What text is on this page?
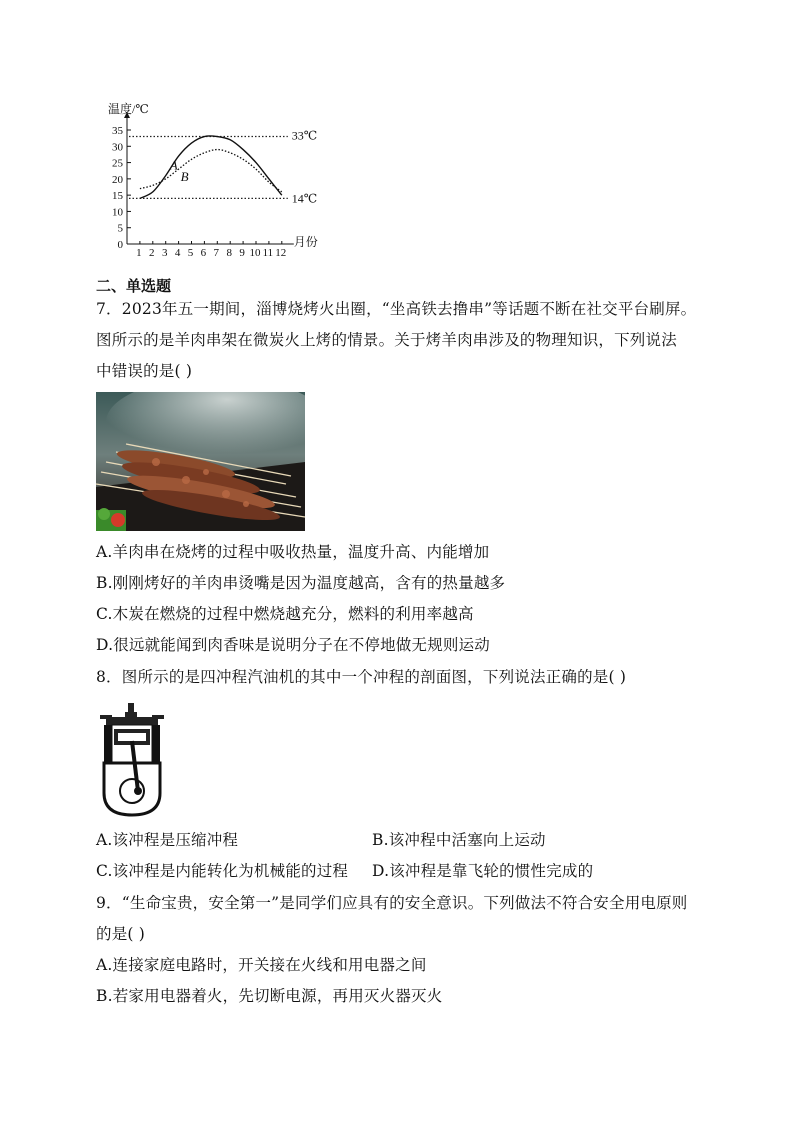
0
5
10
15
20
25
30
35
1 2 3 4 5 6 7 8 9 10 11 12
温度/℃
月份
33℃
14℃
A
B
二、单选题
7．2023年五一期间，淄博烧烤火出圈，“坐高铁去撸串”等话题不断在社交平台刷屏。
图所示的是羊肉串架在微炭火上烤的情景。关于烤羊肉串涉及的物理知识，下列说法
中错误的是( )
A.羊肉串在烧烤的过程中吸收热量，温度升高、内能增加
B.刚刚烤好的羊肉串烫嘴是因为温度越高，含有的热量越多
C.木炭在燃烧的过程中燃烧越充分，燃料的利用率越高
D.很远就能闻到肉香味是说明分子在不停地做无规则运动
8．图所示的是四冲程汽油机的其中一个冲程的剖面图，下列说法正确的是( )
A.该冲程是压缩冲程	B.该冲程中活塞向上运动
C.该冲程是内能转化为机械能的过程 D.该冲程是靠飞轮的惯性完成的
9．“生命宝贵，安全第一”是同学们应具有的安全意识。下列做法不符合安全用电原则
的是( )
A.连接家庭电路时，开关接在火线和用电器之间
B.若家用电器着火，先切断电源，再用灭火器灭火
